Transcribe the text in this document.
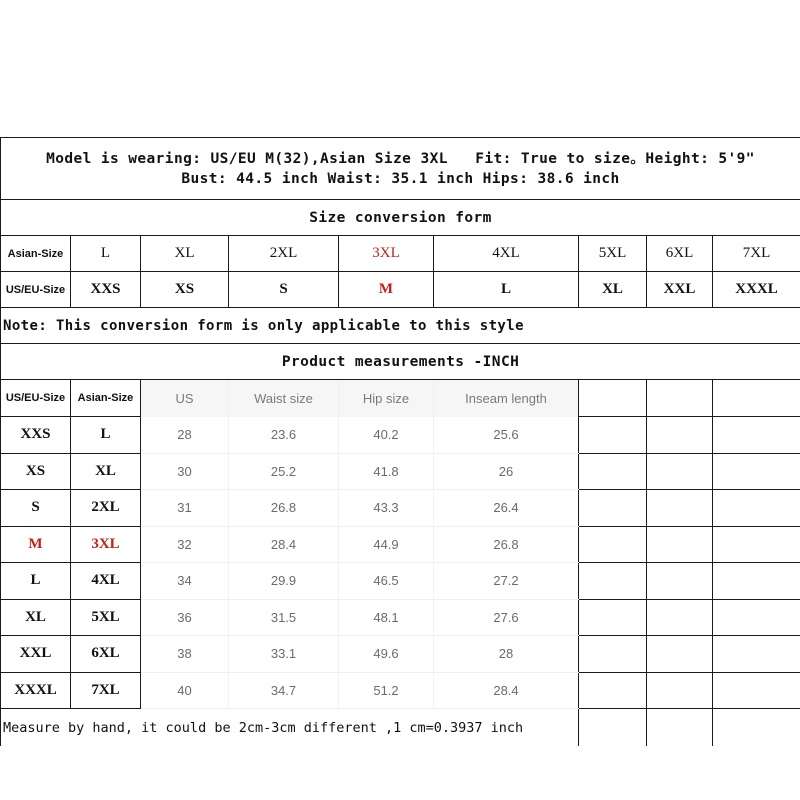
Model is wearing: US/EU M(32),Asian Size 3XL   Fit: True to size。Height: 5'9"
Bust: 44.5 inch Waist: 35.1 inch Hips: 38.6 inch								

Size conversion form								
Asian-Size	L	XL	2XL	3XL	4XL	5XL	6XL	7XL
US/EU-Size	XXS	XS	S	M	L	XL	XXL	XXXL
Note: This conversion form is only applicable to this style								
Product measurements -INCH								
US/EU-Size	Asian-Size	US	Waist size	Hip size	Inseam length			
XXS	L	28	23.6	40.2	25.6			
XS	XL	30	25.2	41.8	26			
S	2XL	31	26.8	43.3	26.4			
M	3XL	32	28.4	44.9	26.8			
L	4XL	34	29.9	46.5	27.2			
XL	5XL	36	31.5	48.1	27.6			
XXL	6XL	38	33.1	49.6	28			
XXXL	7XL	40	34.7	51.2	28.4			
Measure by hand, it could be 2cm-3cm different ,1 cm=0.3937 inch								
